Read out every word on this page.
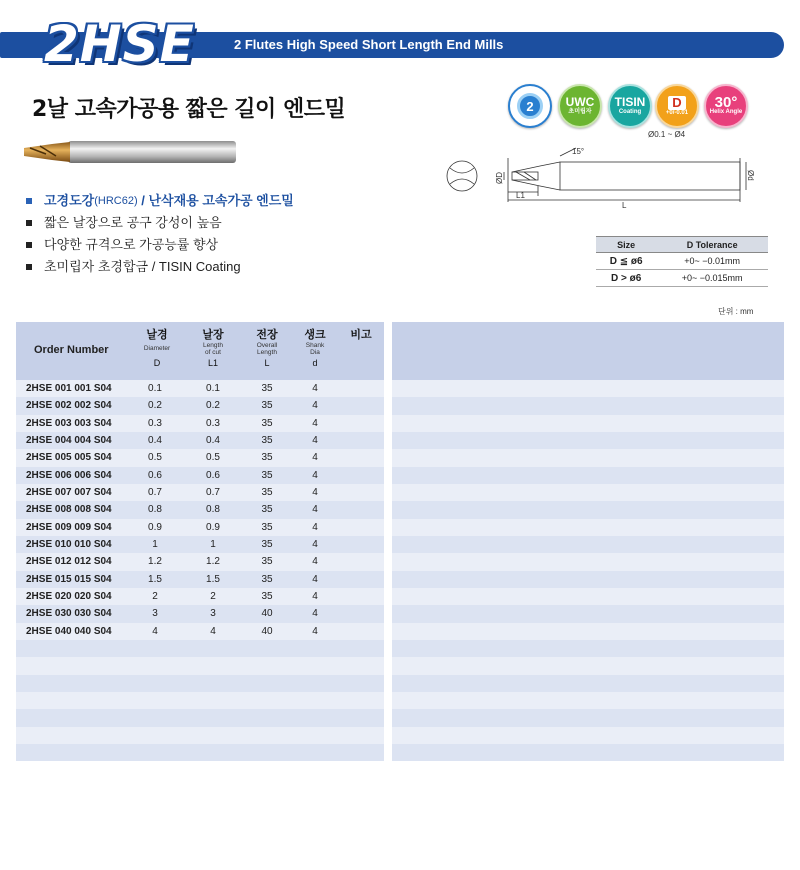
2HSE	2 Flutes High Speed Short Length End Mills
2날 고속가공용 짧은 길이 엔드밀	2	UWC
초미립자
TISIN
Coating
D
+0/-0.01
30°
Helix Angle
Ø0.1 ~ Ø4
15°
ØD	Ød
L1
L
고경도강 (HRC62) / 난삭재용 고속가공 엔드밀
짧은 날장으로 공구 강성이 높음
다양한 규격으로 가공능률 향상
초미립자 초경합금 / TISIN Coating
Size	D Tolerance
D ≦ ø6	+0~ −0.01mm
D > ø6	+0~ −0.015mm
단위 : mm
Order Number
날경
Diameter
D
날장
Length
of cut
L1
전장
Overall
Length
L
생크
Shank
Dia
d
비고
2HSE 001 001 S04	0.1	0.1	35	4
2HSE 002 002 S04	0.2	0.2	35	4
2HSE 003 003 S04	0.3	0.3	35	4
2HSE 004 004 S04	0.4	0.4	35	4
2HSE 005 005 S04	0.5	0.5	35	4
2HSE 006 006 S04	0.6	0.6	35	4
2HSE 007 007 S04	0.7	0.7	35	4
2HSE 008 008 S04	0.8	0.8	35	4
2HSE 009 009 S04	0.9	0.9	35	4
2HSE 010 010 S04	1	1	35	4
2HSE 012 012 S04	1.2	1.2	35	4
2HSE 015 015 S04	1.5	1.5	35	4
2HSE 020 020 S04	2	2	35	4
2HSE 030 030 S04	3	3	40	4
2HSE 040 040 S04	4	4	40	4
